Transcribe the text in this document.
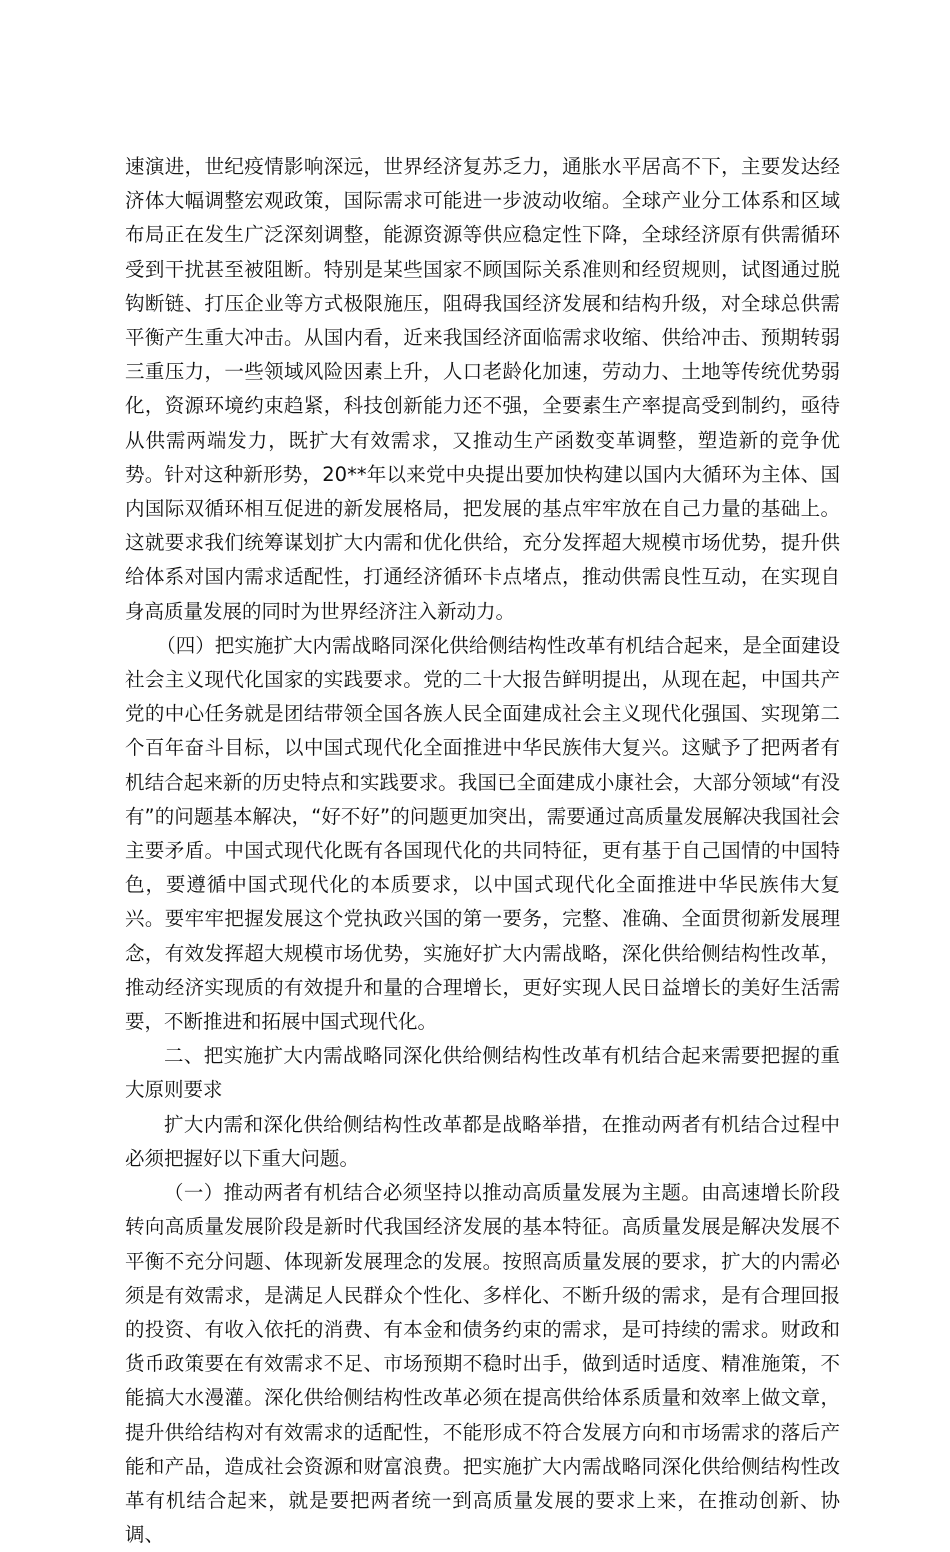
速演进，世纪疫情影响深远，世界经济复苏乏力，通胀水平居高不下，主要发达经济体大幅调整宏观政策，国际需求可能进一步波动收缩。全球产业分工体系和区域布局正在发生广泛深刻调整，能源资源等供应稳定性下降，全球经济原有供需循环受到干扰甚至被阻断。特别是某些国家不顾国际关系准则和经贸规则，试图通过脱钩断链、打压企业等方式极限施压，阻碍我国经济发展和结构升级，对全球总供需平衡产生重大冲击。从国内看，近来我国经济面临需求收缩、供给冲击、预期转弱三重压力，一些领域风险因素上升，人口老龄化加速，劳动力、土地等传统优势弱化，资源环境约束趋紧，科技创新能力还不强，全要素生产率提高受到制约，亟待从供需两端发力，既扩大有效需求，又推动生产函数变革调整，塑造新的竞争优势。针对这种新形势，20**年以来党中央提出要加快构建以国内大循环为主体、国内国际双循环相互促进的新发展格局，把发展的基点牢牢放在自己力量的基础上。这就要求我们统筹谋划扩大内需和优化供给，充分发挥超大规模市场优势，提升供给体系对国内需求适配性，打通经济循环卡点堵点，推动供需良性互动，在实现自身高质量发展的同时为世界经济注入新动力。

（四）把实施扩大内需战略同深化供给侧结构性改革有机结合起来，是全面建设社会主义现代化国家的实践要求。党的二十大报告鲜明提出，从现在起，中国共产党的中心任务就是团结带领全国各族人民全面建成社会主义现代化强国、实现第二个百年奋斗目标，以中国式现代化全面推进中华民族伟大复兴。这赋予了把两者有机结合起来新的历史特点和实践要求。我国已全面建成小康社会，大部分领域“有没有”的问题基本解决，“好不好”的问题更加突出，需要通过高质量发展解决我国社会主要矛盾。中国式现代化既有各国现代化的共同特征，更有基于自己国情的中国特色，要遵循中国式现代化的本质要求，以中国式现代化全面推进中华民族伟大复兴。要牢牢把握发展这个党执政兴国的第一要务，完整、准确、全面贯彻新发展理念，有效发挥超大规模市场优势，实施好扩大内需战略，深化供给侧结构性改革，推动经济实现质的有效提升和量的合理增长，更好实现人民日益增长的美好生活需要，不断推进和拓展中国式现代化。

二、把实施扩大内需战略同深化供给侧结构性改革有机结合起来需要把握的重大原则要求

扩大内需和深化供给侧结构性改革都是战略举措，在推动两者有机结合过程中必须把握好以下重大问题。

（一）推动两者有机结合必须坚持以推动高质量发展为主题。由高速增长阶段转向高质量发展阶段是新时代我国经济发展的基本特征。高质量发展是解决发展不平衡不充分问题、体现新发展理念的发展。按照高质量发展的要求，扩大的内需必须是有效需求，是满足人民群众个性化、多样化、不断升级的需求，是有合理回报的投资、有收入依托的消费、有本金和债务约束的需求，是可持续的需求。财政和货币政策要在有效需求不足、市场预期不稳时出手，做到适时适度、精准施策，不能搞大水漫灌。深化供给侧结构性改革必须在提高供给体系质量和效率上做文章，提升供给结构对有效需求的适配性，不能形成不符合发展方向和市场需求的落后产能和产品，造成社会资源和财富浪费。把实施扩大内需战略同深化供给侧结构性改革有机结合起来，就是要把两者统一到高质量发展的要求上来，在推动创新、协调、
